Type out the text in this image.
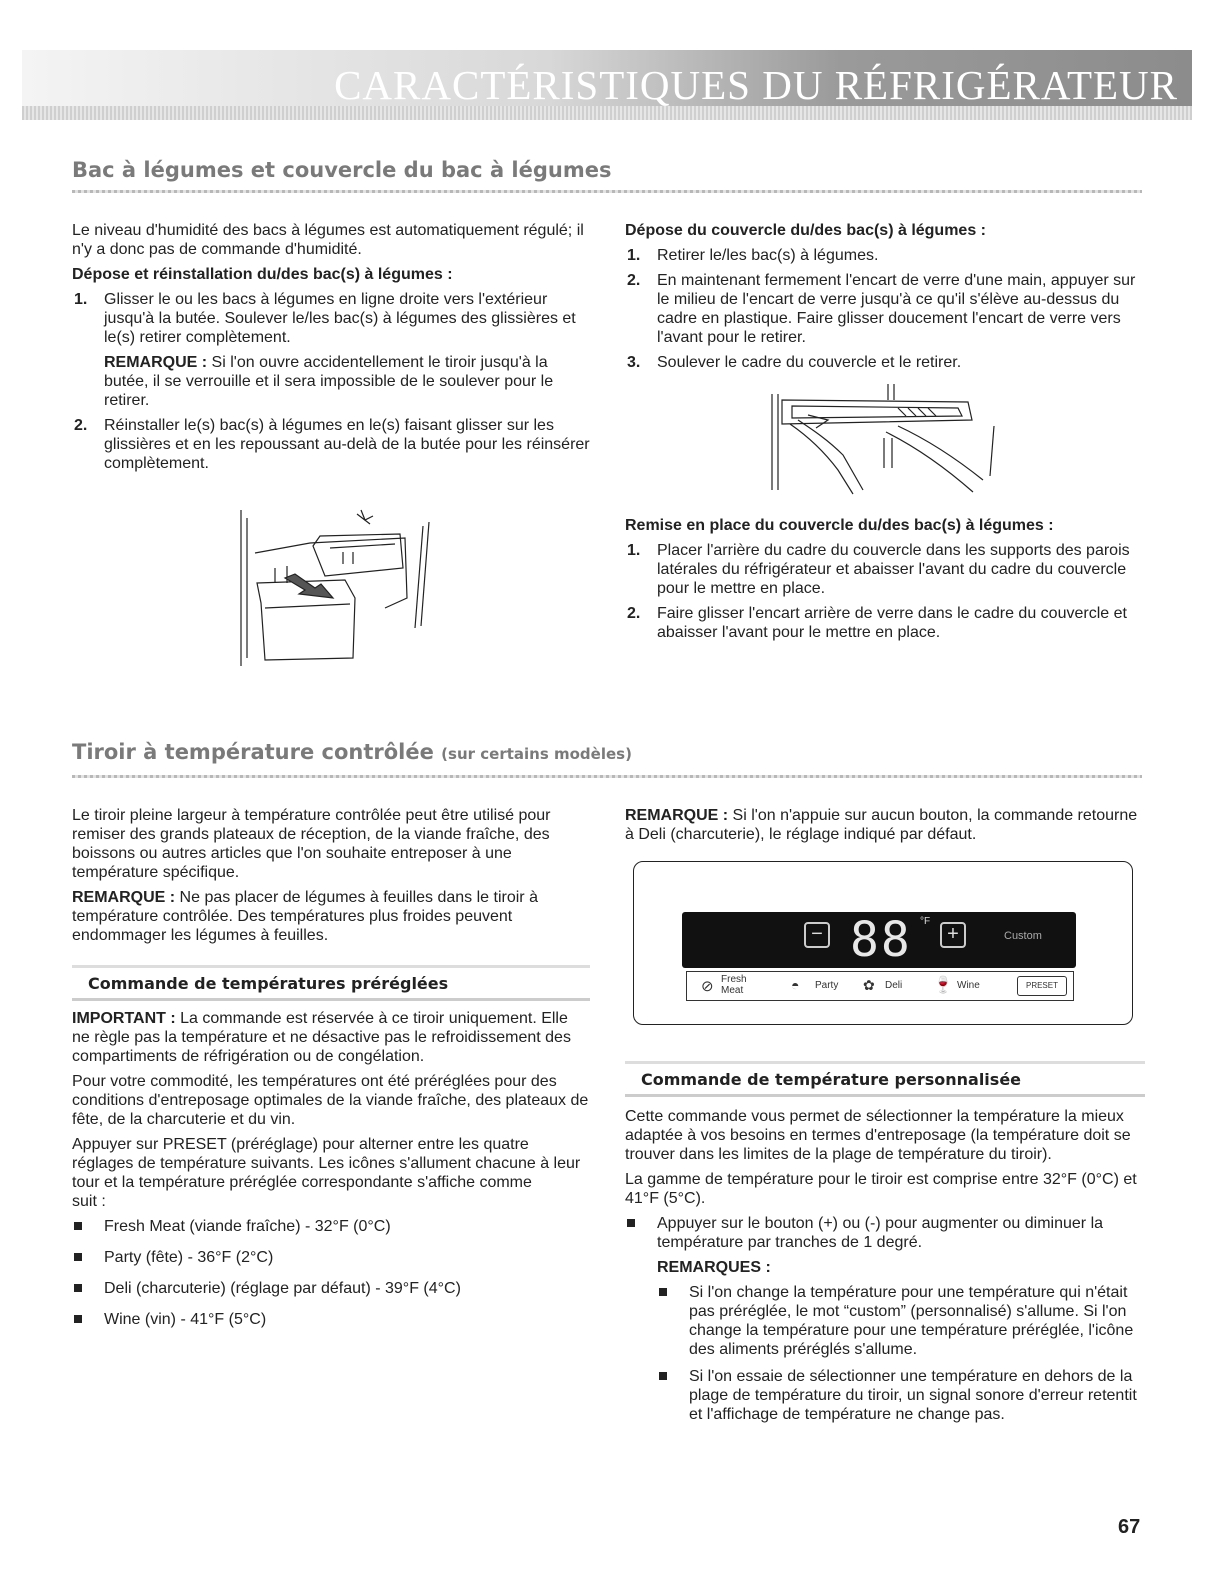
CARACTÉRISTIQUES DU RÉFRIGÉRATEUR
Bac à légumes et couvercle du bac à légumes

Le niveau d'humidité des bacs à légumes est automatiquement régulé; il n'y a donc pas de commande d'humidité.

Dépose et réinstallation du/des bac(s) à légumes :

1. Glisser le ou les bacs à légumes en ligne droite vers l'extérieur jusqu'à la butée. Soulever le/les bac(s) à légumes des glissières et le(s) retirer complètement.
REMARQUE : Si l'on ouvre accidentellement le tiroir jusqu'à la butée, il se verrouille et il sera impossible de le soulever pour le retirer.
2. Réinstaller le(s) bac(s) à légumes en le(s) faisant glisser sur les glissières et en les repoussant au-delà de la butée pour les réinsérer complètement.

Dépose du couvercle du/des bac(s) à légumes :

1. Retirer le/les bac(s) à légumes.
2. En maintenant fermement l'encart de verre d'une main, appuyer sur le milieu de l'encart de verre jusqu'à ce qu'il s'élève au-dessus du cadre en plastique. Faire glisser doucement l'encart de verre vers l'avant pour le retirer.
3. Soulever le cadre du couvercle et le retirer.

Remise en place du couvercle du/des bac(s) à légumes :

1. Placer l'arrière du cadre du couvercle dans les supports des parois latérales du réfrigérateur et abaisser l'avant du cadre du couvercle pour le mettre en place.
2. Faire glisser l'encart arrière de verre dans le cadre du couvercle et abaisser l'avant pour le mettre en place.
Tiroir à température contrôlée (sur certains modèles)

Le tiroir pleine largeur à température contrôlée peut être utilisé pour remiser des grands plateaux de réception, de la viande fraîche, des boissons ou autres articles que l'on souhaite entreposer à une température spécifique.

REMARQUE : Ne pas placer de légumes à feuilles dans le tiroir à température contrôlée. Des températures plus froides peuvent endommager les légumes à feuilles.

Commande de températures préréglées

IMPORTANT : La commande est réservée à ce tiroir uniquement. Elle ne règle pas la température et ne désactive pas le refroidissement des compartiments de réfrigération ou de congélation.

Pour votre commodité, les températures ont été préréglées pour des conditions d'entreposage optimales de la viande fraîche, des plateaux de fête, de la charcuterie et du vin.

Appuyer sur PRESET (préréglage) pour alterner entre les quatre réglages de température suivants. Les icônes s'allument chacune à leur tour et la température préréglée correspondante s'affiche comme

suit :

Fresh Meat (viande fraîche) - 32°F (0°C)
Party (fête) - 36°F (2°C)
Deli (charcuterie) (réglage par défaut) - 39°F (4°C)
Wine (vin) - 41°F (5°C)

REMARQUE : Si l'on n'appuie sur aucun bouton, la commande retourne à Deli (charcuterie), le réglage indiqué par défaut.

− 88 °F
+	Custom
⊘ Fresh
Meat	◓ Party ✿ Deli 🍷 Wine	PRESET
Commande de température personnalisée

Cette commande vous permet de sélectionner la température la mieux adaptée à vos besoins en termes d'entreposage (la température doit se trouver dans les limites de la plage de température du tiroir).

La gamme de température pour le tiroir est comprise entre 32°F (0°C) et 41°F (5°C).

Appuyer sur le bouton (+) ou (-) pour augmenter ou diminuer la température par tranches de 1 degré.
REMARQUES :
Si l'on change la température pour une température qui n'était pas préréglée, le mot “custom” (personnalisé) s'allume. Si l'on change la température pour une température préréglée, l'icône des aliments préréglés s'allume.
Si l'on essaie de sélectionner une température en dehors de la plage de température du tiroir, un signal sonore d'erreur retentit et l'affichage de température ne change pas.
67
